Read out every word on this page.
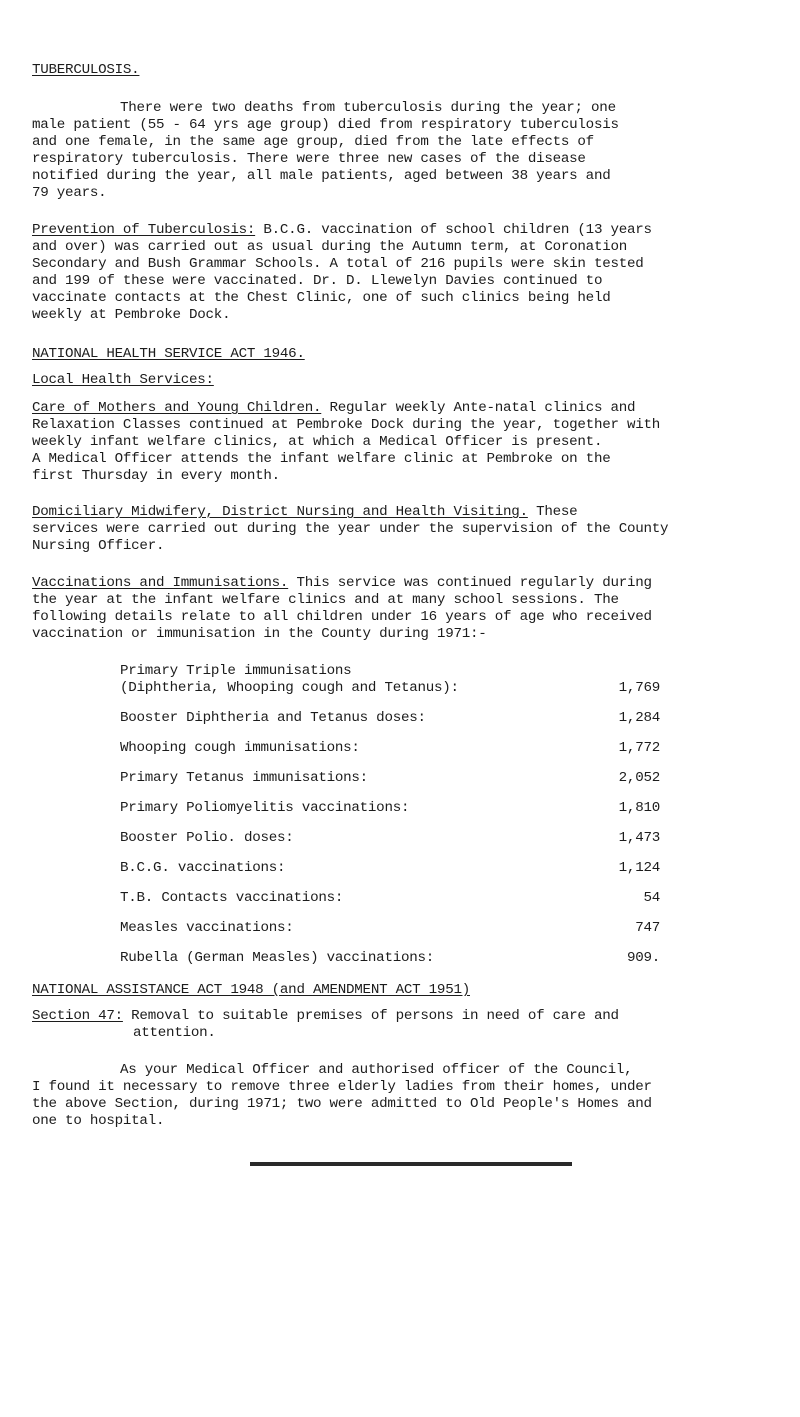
TUBERCULOSIS.
There were two deaths from tuberculosis during the year; one
male patient (55 - 64 yrs age group) died from respiratory tuberculosis
and one female, in the same age group, died from the late effects of
respiratory tuberculosis. There were three new cases of the disease
notified during the year, all male patients, aged between 38 years and
79 years.
Prevention of Tuberculosis: B.C.G. vaccination of school children (13 years
and over) was carried out as usual during the Autumn term, at Coronation
Secondary and Bush Grammar Schools. A total of 216 pupils were skin tested
and 199 of these were vaccinated. Dr. D. Llewelyn Davies continued to
vaccinate contacts at the Chest Clinic, one of such clinics being held
weekly at Pembroke Dock.
NATIONAL HEALTH SERVICE ACT 1946.
Local Health Services:
Care of Mothers and Young Children. Regular weekly Ante-natal clinics and
Relaxation Classes continued at Pembroke Dock during the year, together with
weekly infant welfare clinics, at which a Medical Officer is present.
A Medical Officer attends the infant welfare clinic at Pembroke on the
first Thursday in every month.
Domiciliary Midwifery, District Nursing and Health Visiting. These
services were carried out during the year under the supervision of the County
Nursing Officer.
Vaccinations and Immunisations. This service was continued regularly during
the year at the infant welfare clinics and at many school sessions. The
following details relate to all children under 16 years of age who received
vaccination or immunisation in the County during 1971:-
Primary Triple immunisations
(Diphtheria, Whooping cough and Tetanus):	1,769
Booster Diphtheria and Tetanus doses:	1,284
Whooping cough immunisations:	1,772
Primary Tetanus immunisations:	2,052
Primary Poliomyelitis vaccinations:	1,810
Booster Polio. doses:	1,473
B.C.G. vaccinations:	1,124
T.B. Contacts vaccinations:	54
Measles vaccinations:	747
Rubella (German Measles) vaccinations:	909.
NATIONAL ASSISTANCE ACT 1948 (and AMENDMENT ACT 1951)
Section 47: Removal to suitable premises of persons in need of care and
attention.
As your Medical Officer and authorised officer of the Council,
I found it necessary to remove three elderly ladies from their homes, under
the above Section, during 1971; two were admitted to Old People's Homes and
one to hospital.
